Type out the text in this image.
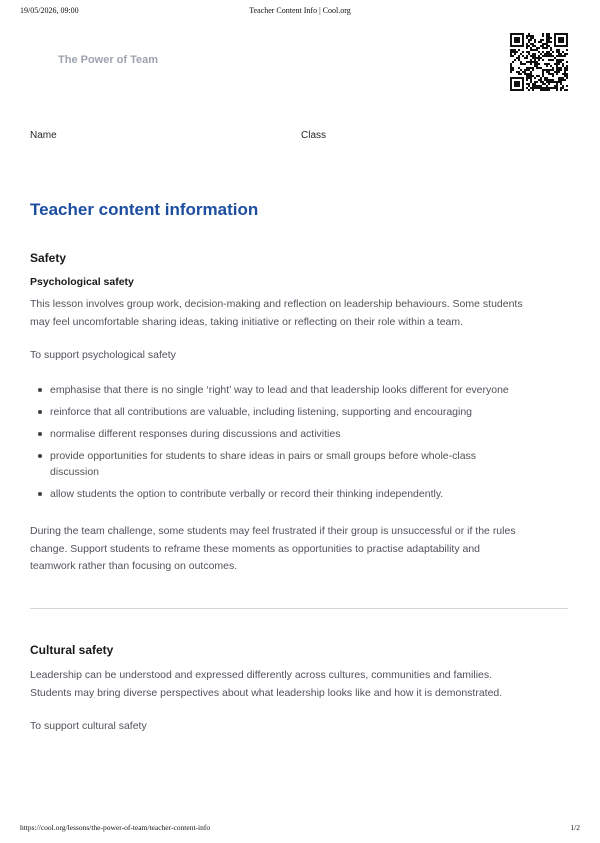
19/05/2026, 09:00	Teacher Content Info | Cool.org
The Power of Team
Name	Class
Teacher content information
Safety
Psychological safety
This lesson involves group work, decision-making and reflection on leadership behaviours. Some students
may feel uncomfortable sharing ideas, taking initiative or reflecting on their role within a team.
To support psychological safety
emphasise that there is no single ‘right’ way to lead and that leadership looks different for everyone
reinforce that all contributions are valuable, including listening, supporting and encouraging
normalise different responses during discussions and activities
provide opportunities for students to share ideas in pairs or small groups before whole-class discussion
allow students the option to contribute verbally or record their thinking independently.
During the team challenge, some students may feel frustrated if their group is unsuccessful or if the rules
change. Support students to reframe these moments as opportunities to practise adaptability and
teamwork rather than focusing on outcomes.
Cultural safety
Leadership can be understood and expressed differently across cultures, communities and families.
Students may bring diverse perspectives about what leadership looks like and how it is demonstrated.
To support cultural safety
https://cool.org/lessons/the-power-of-team/teacher-content-info	1/2
